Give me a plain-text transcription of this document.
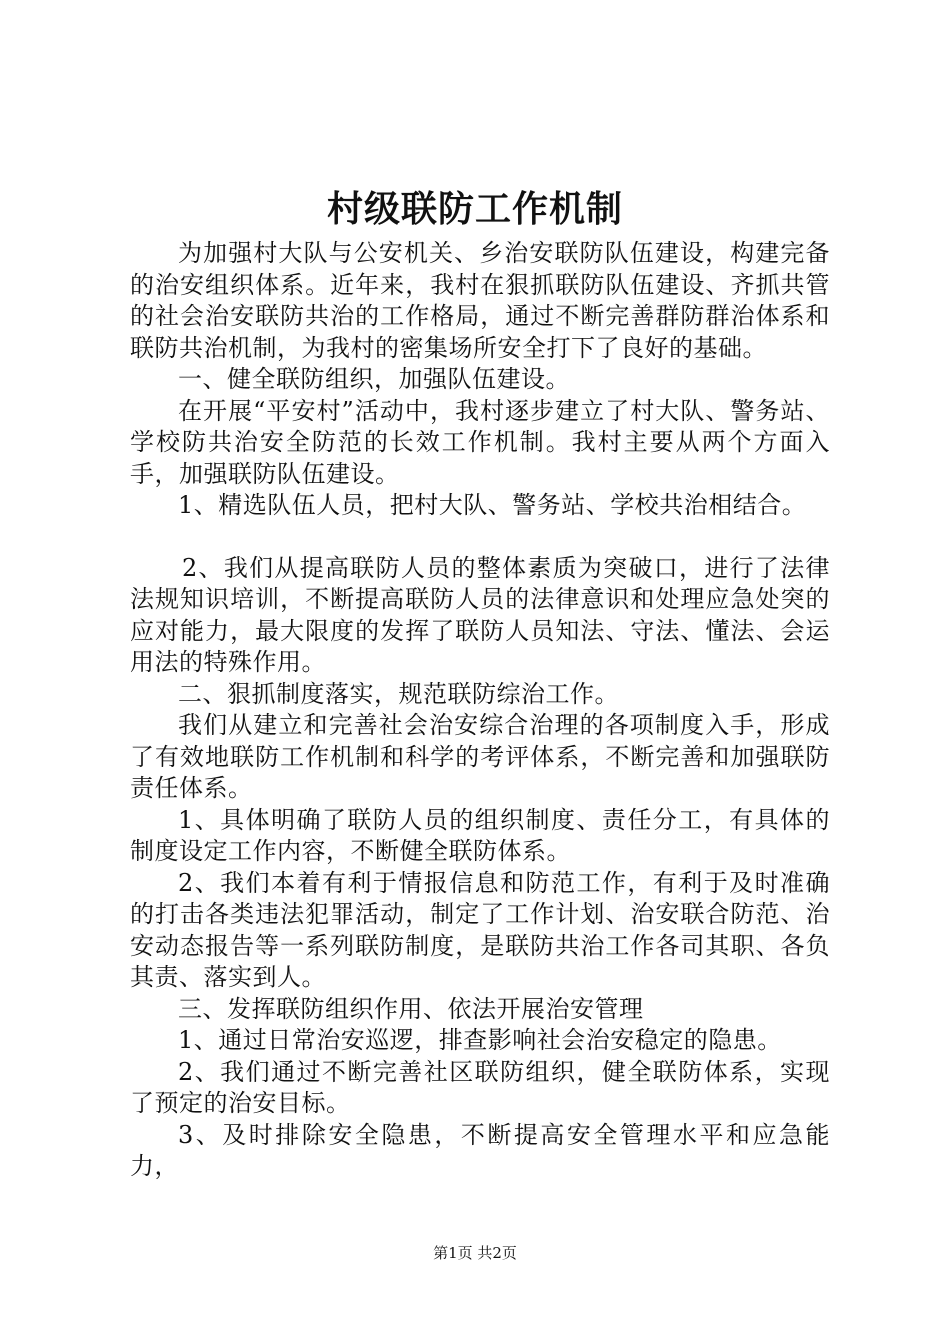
村级联防工作机制

为加强村大队与公安机关、乡治安联防队伍建设，构建完备的治安组织体系。近年来，我村在狠抓联防队伍建设、齐抓共管的社会治安联防共治的工作格局，通过不断完善群防群治体系和联防共治机制，为我村的密集场所安全打下了良好的基础。

一、健全联防组织，加强队伍建设。

在开展“平安村”活动中，我村逐步建立了村大队、警务站、学校防共治安全防范的长效工作机制。我村主要从两个方面入手，加强联防队伍建设。

1、精选队伍人员，把村大队、警务站、学校共治相结合。

2、我们从提高联防人员的整体素质为突破口，进行了法律法规知识培训，不断提高联防人员的法律意识和处理应急处突的应对能力，最大限度的发挥了联防人员知法、守法、懂法、会运用法的特殊作用。

二、狠抓制度落实，规范联防综治工作。

我们从建立和完善社会治安综合治理的各项制度入手，形成了有效地联防工作机制和科学的考评体系，不断完善和加强联防责任体系。

1、具体明确了联防人员的组织制度、责任分工，有具体的制度设定工作内容，不断健全联防体系。

2、我们本着有利于情报信息和防范工作，有利于及时准确的打击各类违法犯罪活动，制定了工作计划、治安联合防范、治安动态报告等一系列联防制度，是联防共治工作各司其职、各负其责、落实到人。

三、发挥联防组织作用、依法开展治安管理

1、通过日常治安巡逻，排查影响社会治安稳定的隐患。

2、我们通过不断完善社区联防组织，健全联防体系，实现了预定的治安目标。

3、及时排除安全隐患，不断提高安全管理水平和应急能力，

第1页 共2页
